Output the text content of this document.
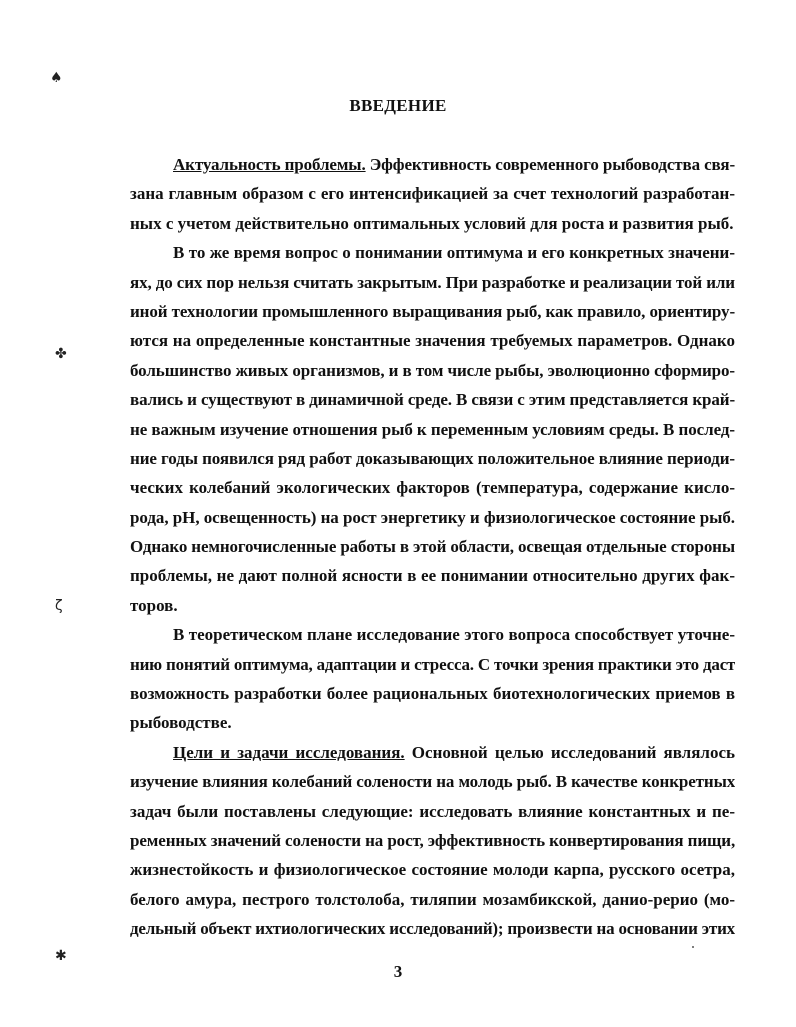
♠
✤
ζ
✱
ВВЕДЕНИЕ
Актуальность проблемы. Эффективность современного рыбоводства свя-
зана главным образом с его интенсификацией за счет технологий разработан-
ных с учетом действительно оптимальных условий для роста и развития рыб.
В то же время вопрос о понимании оптимума и его конкретных значени-
ях, до сих пор нельзя считать закрытым. При разработке и реализации той или
иной технологии промышленного выращивания рыб, как правило, ориентиру-
ются на определенные константные значения требуемых параметров. Однако
большинство живых организмов, и в том числе рыбы, эволюционно сформиро-
вались и существуют в динамичной среде. В связи с этим представляется край-
не важным изучение отношения рыб к переменным условиям среды. В послед-
ние годы появился ряд работ доказывающих положительное влияние периоди-
ческих колебаний экологических факторов (температура, содержание кисло-
рода, pH, освещенность) на рост энергетику и физиологическое состояние рыб.
Однако немногочисленные работы в этой области, освещая отдельные стороны
проблемы, не дают полной ясности в ее понимании относительно других фак-
торов.
В теоретическом плане исследование этого вопроса способствует уточне-
нию понятий оптимума, адаптации и стресса. С точки зрения практики это даст
возможность разработки более рациональных биотехнологических приемов в
рыбоводстве.
Цели и задачи исследования. Основной целью исследований являлось
изучение влияния колебаний солености на молодь рыб. В качестве конкретных
задач были поставлены следующие: исследовать влияние константных и пе-
ременных значений солености на рост, эффективность конвертирования пищи,
жизнестойкость и физиологическое состояние молоди карпа, русского осетра,
белого амура, пестрого толстолоба, тиляпии мозамбикской, данио-рерио (мо-
дельный объект ихтиологических исследований); произвести на основании этих
3
